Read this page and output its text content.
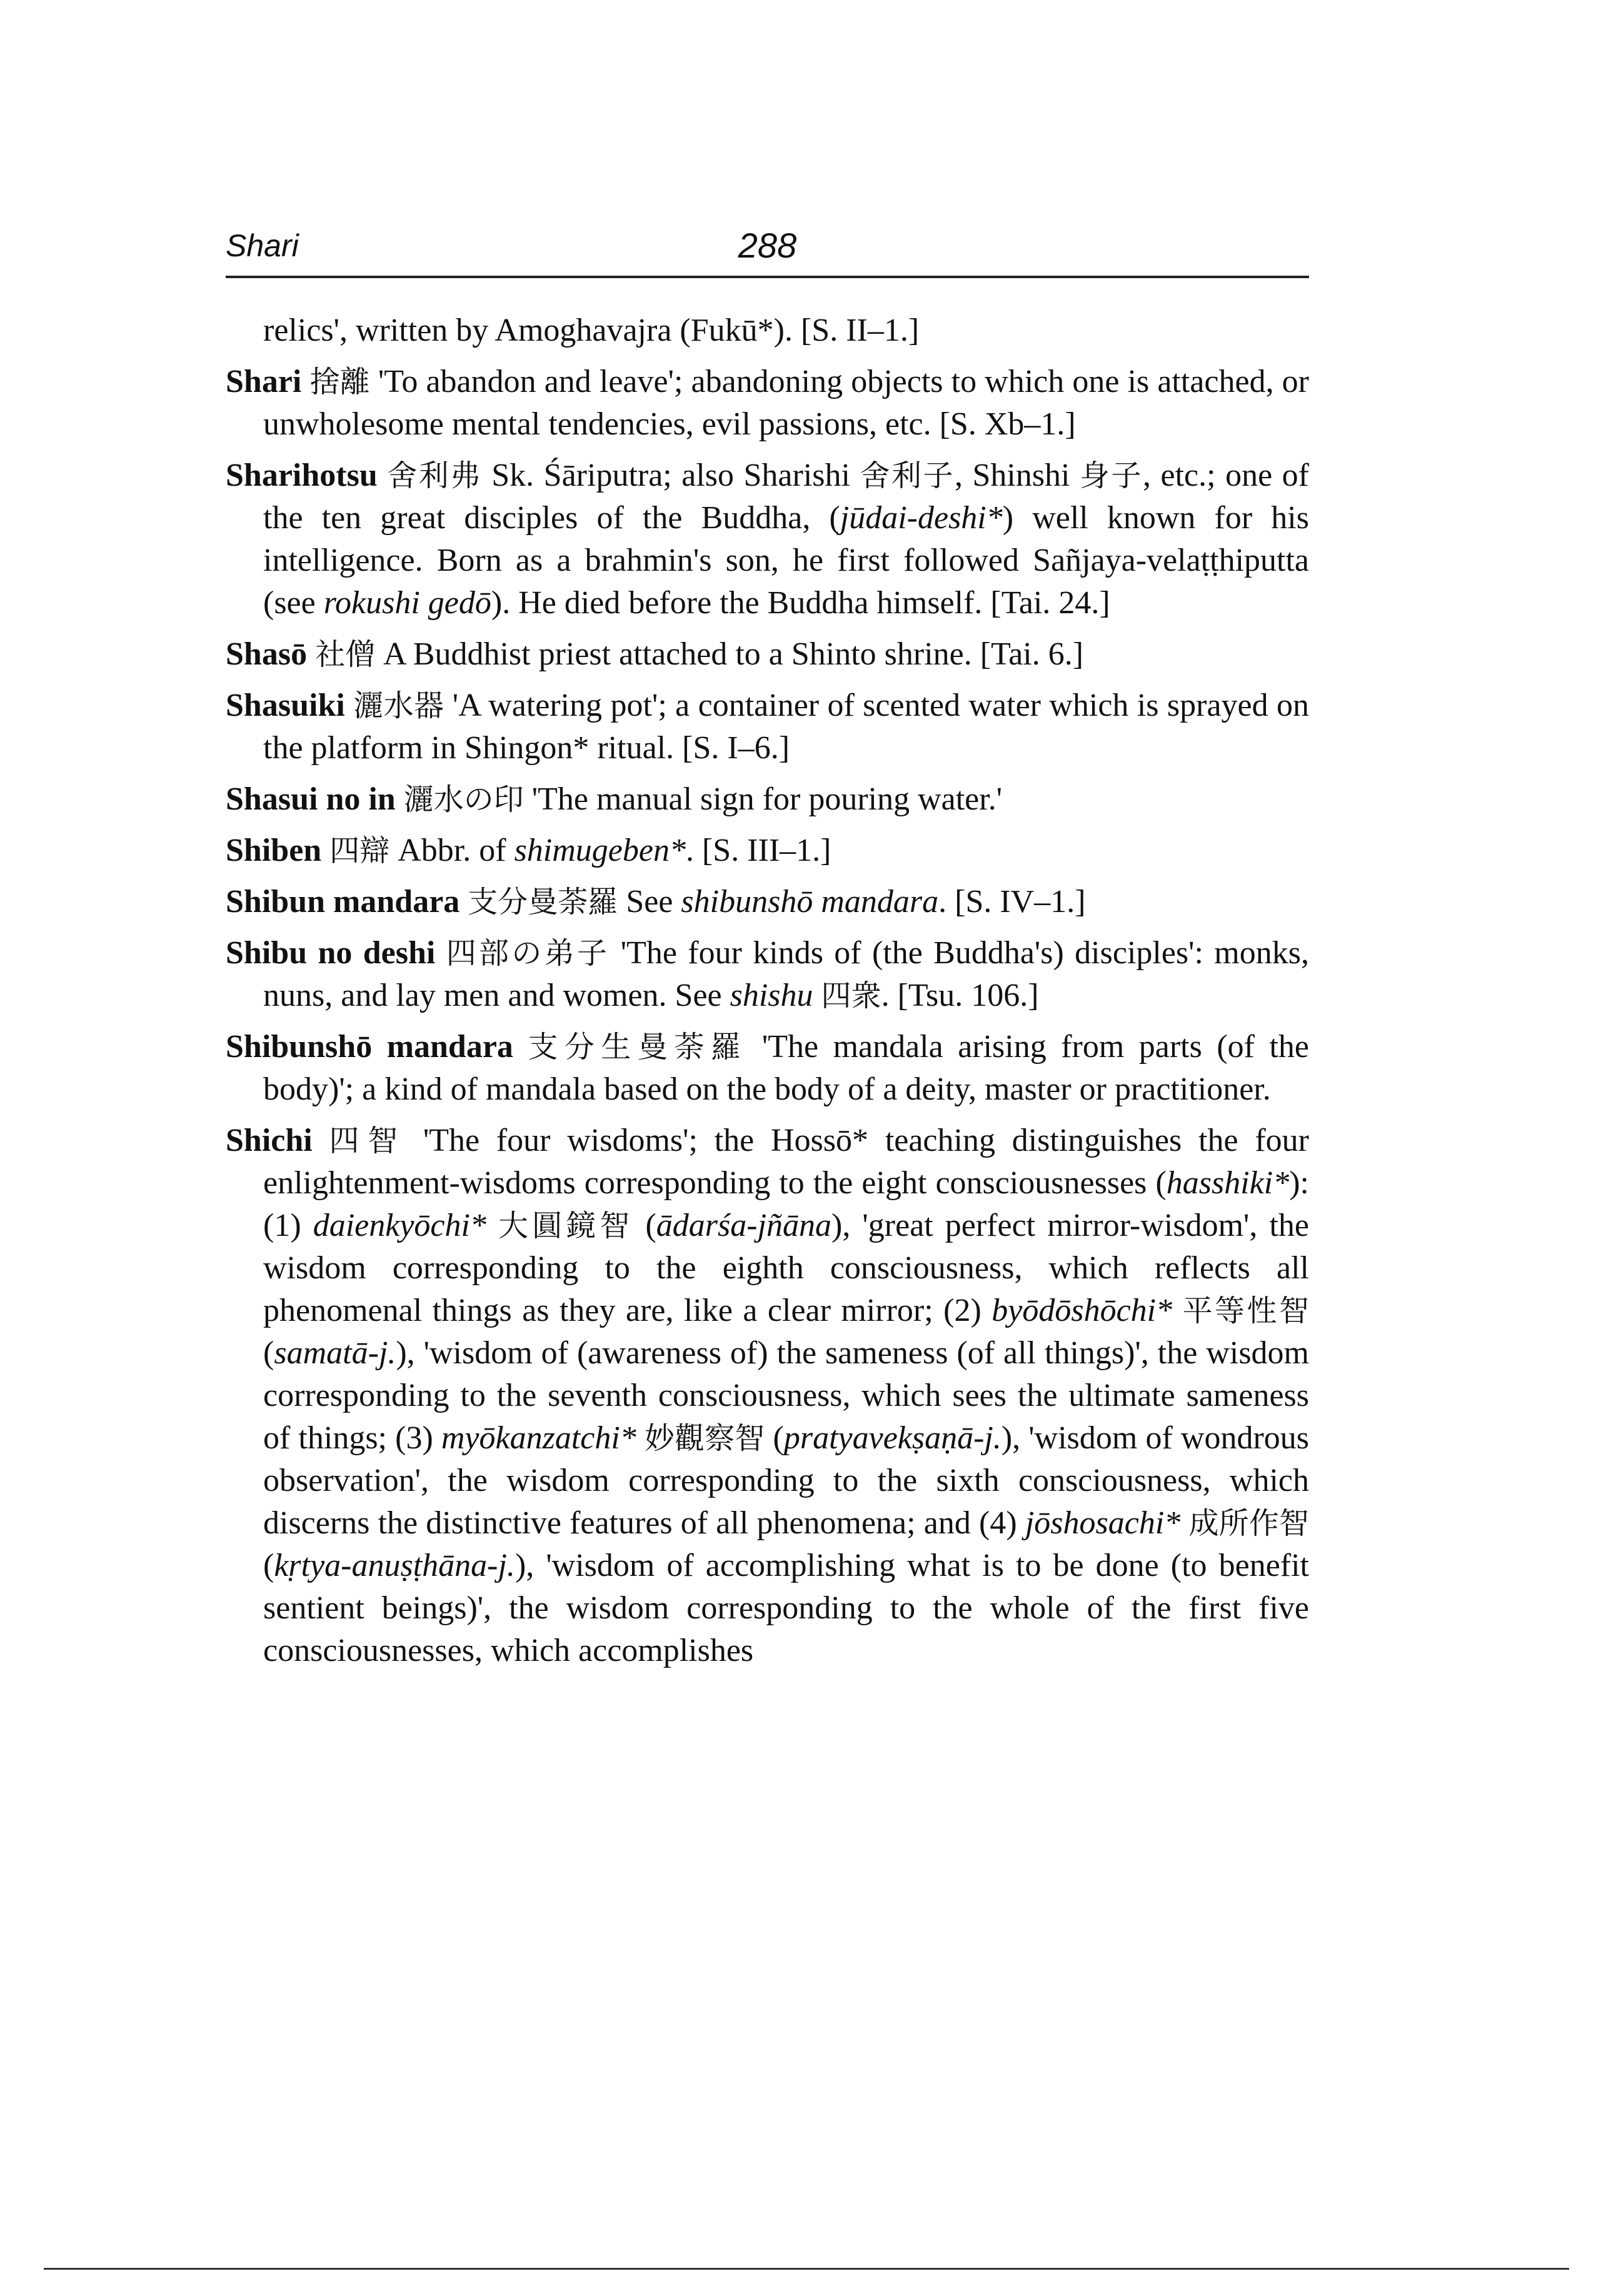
Shari	288

relics', written by Amoghavajra (Fukū*). [S. II–1.]

Shari 捨離 'To abandon and leave'; abandoning objects to which one is attached, or unwholesome mental tendencies, evil passions, etc. [S. Xb–1.]

Sharihotsu 舍利弗 Sk. Śāriputra; also Sharishi 舍利子, Shinshi 身子, etc.; one of the ten great disciples of the Buddha, (jūdai-deshi*) well known for his intelligence. Born as a brahmin's son, he first followed Sañjaya-velaṭṭhiputta (see rokushi gedō). He died before the Buddha himself. [Tai. 24.]

Shasō 社僧 A Buddhist priest attached to a Shinto shrine. [Tai. 6.]

Shasuiki 灑水器 'A watering pot'; a container of scented water which is sprayed on the platform in Shingon* ritual. [S. I–6.]

Shasui no in 灑水の印 'The manual sign for pouring water.'

Shiben 四辯 Abbr. of shimugeben*. [S. III–1.]

Shibun mandara 支分曼荼羅 See shibunshō mandara. [S. IV–1.]

Shibu no deshi 四部の弟子 'The four kinds of (the Buddha's) disciples': monks, nuns, and lay men and women. See shishu 四衆. [Tsu. 106.]

Shibunshō mandara 支分生曼荼羅 'The mandala arising from parts (of the body)'; a kind of mandala based on the body of a deity, master or practitioner.

Shichi 四智 'The four wisdoms'; the Hossō* teaching distinguishes the four enlightenment-wisdoms corresponding to the eight consciousnesses (hasshiki*): (1) daienkyōchi* 大圓鏡智 (ādarśa-jñāna), 'great perfect mirror-wisdom', the wisdom corresponding to the eighth consciousness, which reflects all phenomenal things as they are, like a clear mirror; (2) byōdōshōchi* 平等性智 (samatā-j.), 'wisdom of (awareness of) the sameness (of all things)', the wisdom corresponding to the seventh consciousness, which sees the ultimate sameness of things; (3) myōkanzatchi* 妙觀察智 (pratyavekṣaṇā-j.), 'wisdom of wondrous observation', the wisdom corresponding to the sixth consciousness, which discerns the distinctive features of all phenomena; and (4) jōshosachi* 成所作智 (kṛtya-anuṣṭhāna-j.), 'wisdom of accomplishing what is to be done (to benefit sentient beings)', the wisdom corresponding to the whole of the first five consciousnesses, which accomplishes
